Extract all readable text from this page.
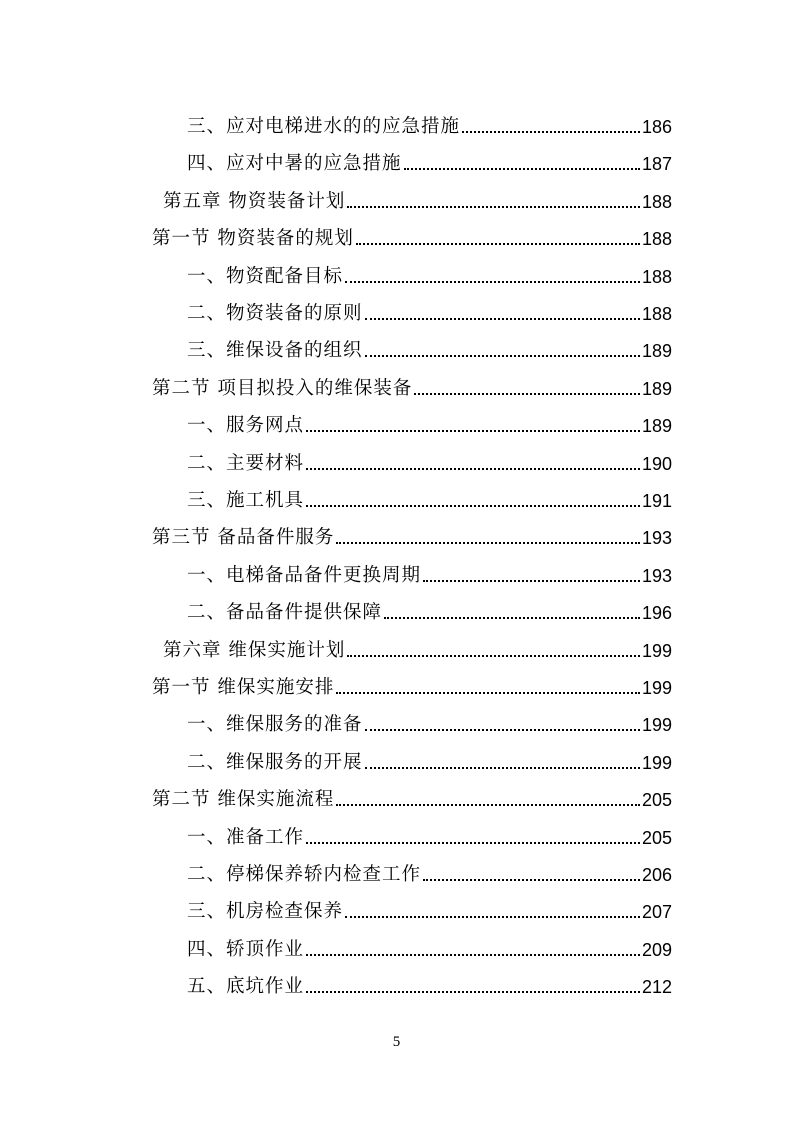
三、应对电梯进水的的应急措施	186
四、应对中暑的应急措施	187
第五章 物资装备计划	188
第一节 物资装备的规划	188
一、物资配备目标	188
二、物资装备的原则	188
三、维保设备的组织	189
第二节 项目拟投入的维保装备	189
一、服务网点	189
二、主要材料	190
三、施工机具	191
第三节 备品备件服务	193
一、电梯备品备件更换周期	193
二、备品备件提供保障	196
第六章 维保实施计划	199
第一节 维保实施安排	199
一、维保服务的准备	199
二、维保服务的开展	199
第二节 维保实施流程	205
一、准备工作	205
二、停梯保养轿内检查工作	206
三、机房检查保养	207
四、轿顶作业	209
五、底坑作业	212
5
